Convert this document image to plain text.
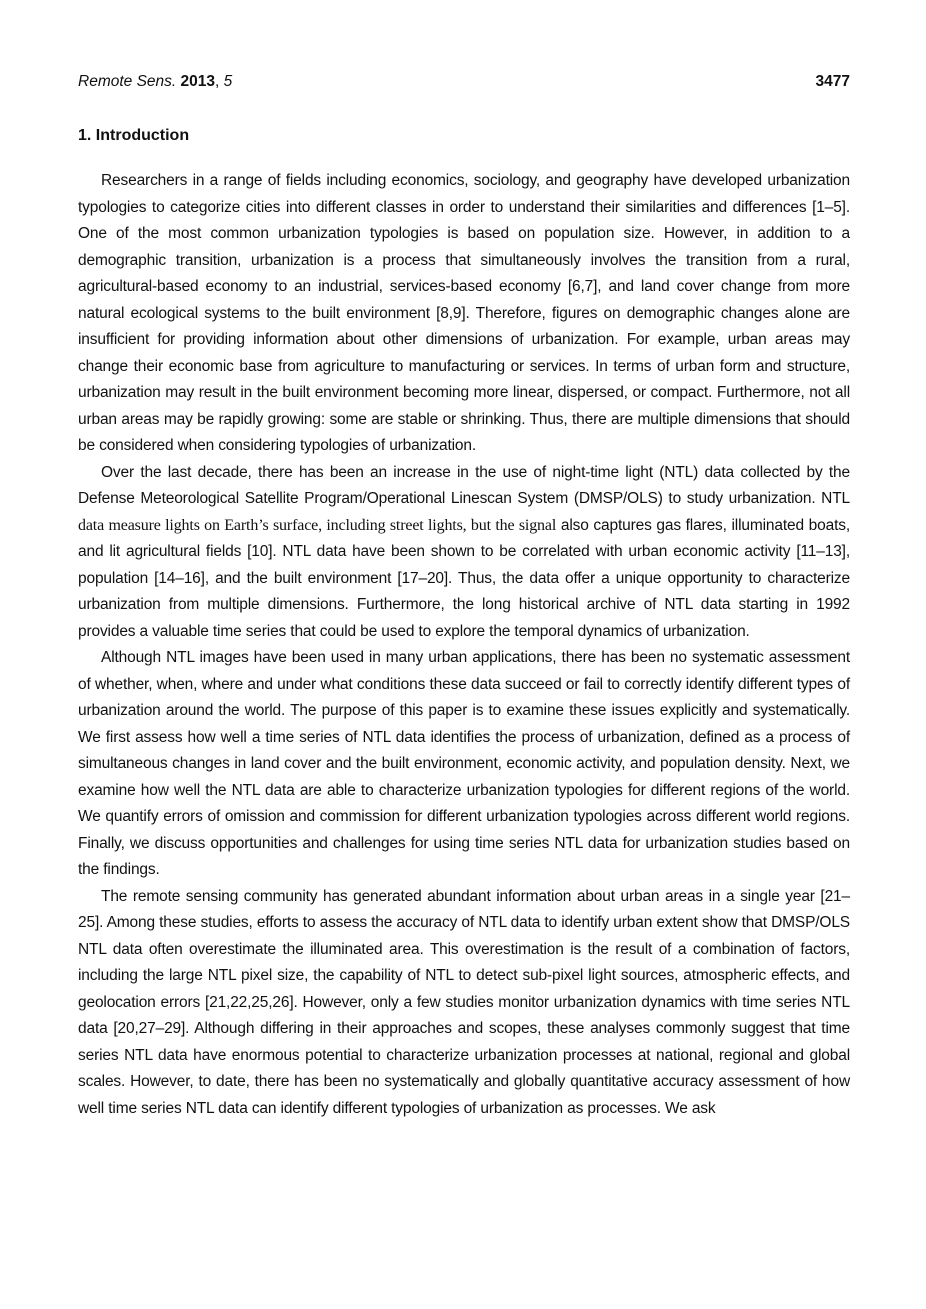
Remote Sens. 2013, 5	3477
1. Introduction

Researchers in a range of fields including economics, sociology, and geography have developed urbanization typologies to categorize cities into different classes in order to understand their similarities and differences [1–5]. One of the most common urbanization typologies is based on population size. However, in addition to a demographic transition, urbanization is a process that simultaneously involves the transition from a rural, agricultural-based economy to an industrial, services-based economy [6,7], and land cover change from more natural ecological systems to the built environment [8,9]. Therefore, figures on demographic changes alone are insufficient for providing information about other dimensions of urbanization. For example, urban areas may change their economic base from agriculture to manufacturing or services. In terms of urban form and structure, urbanization may result in the built environment becoming more linear, dispersed, or compact. Furthermore, not all urban areas may be rapidly growing: some are stable or shrinking. Thus, there are multiple dimensions that should be considered when considering typologies of urbanization.

Over the last decade, there has been an increase in the use of night-time light (NTL) data collected by the Defense Meteorological Satellite Program/Operational Linescan System (DMSP/OLS) to study urbanization. NTL data measure lights on Earth’s surface, including street lights, but the signal also captures gas flares, illuminated boats, and lit agricultural fields [10]. NTL data have been shown to be correlated with urban economic activity [11–13], population [14–16], and the built environment [17–20]. Thus, the data offer a unique opportunity to characterize urbanization from multiple dimensions. Furthermore, the long historical archive of NTL data starting in 1992 provides a valuable time series that could be used to explore the temporal dynamics of urbanization.

Although NTL images have been used in many urban applications, there has been no systematic assessment of whether, when, where and under what conditions these data succeed or fail to correctly identify different types of urbanization around the world. The purpose of this paper is to examine these issues explicitly and systematically. We first assess how well a time series of NTL data identifies the process of urbanization, defined as a process of simultaneous changes in land cover and the built environment, economic activity, and population density. Next, we examine how well the NTL data are able to characterize urbanization typologies for different regions of the world. We quantify errors of omission and commission for different urbanization typologies across different world regions. Finally, we discuss opportunities and challenges for using time series NTL data for urbanization studies based on the findings.

The remote sensing community has generated abundant information about urban areas in a single year [21–25]. Among these studies, efforts to assess the accuracy of NTL data to identify urban extent show that DMSP/OLS NTL data often overestimate the illuminated area. This overestimation is the result of a combination of factors, including the large NTL pixel size, the capability of NTL to detect sub-pixel light sources, atmospheric effects, and geolocation errors [21,22,25,26]. However, only a few studies monitor urbanization dynamics with time series NTL data [20,27–29]. Although differing in their approaches and scopes, these analyses commonly suggest that time series NTL data have enormous potential to characterize urbanization processes at national, regional and global scales. However, to date, there has been no systematically and globally quantitative accuracy assessment of how well time series NTL data can identify different typologies of urbanization as processes. We ask
